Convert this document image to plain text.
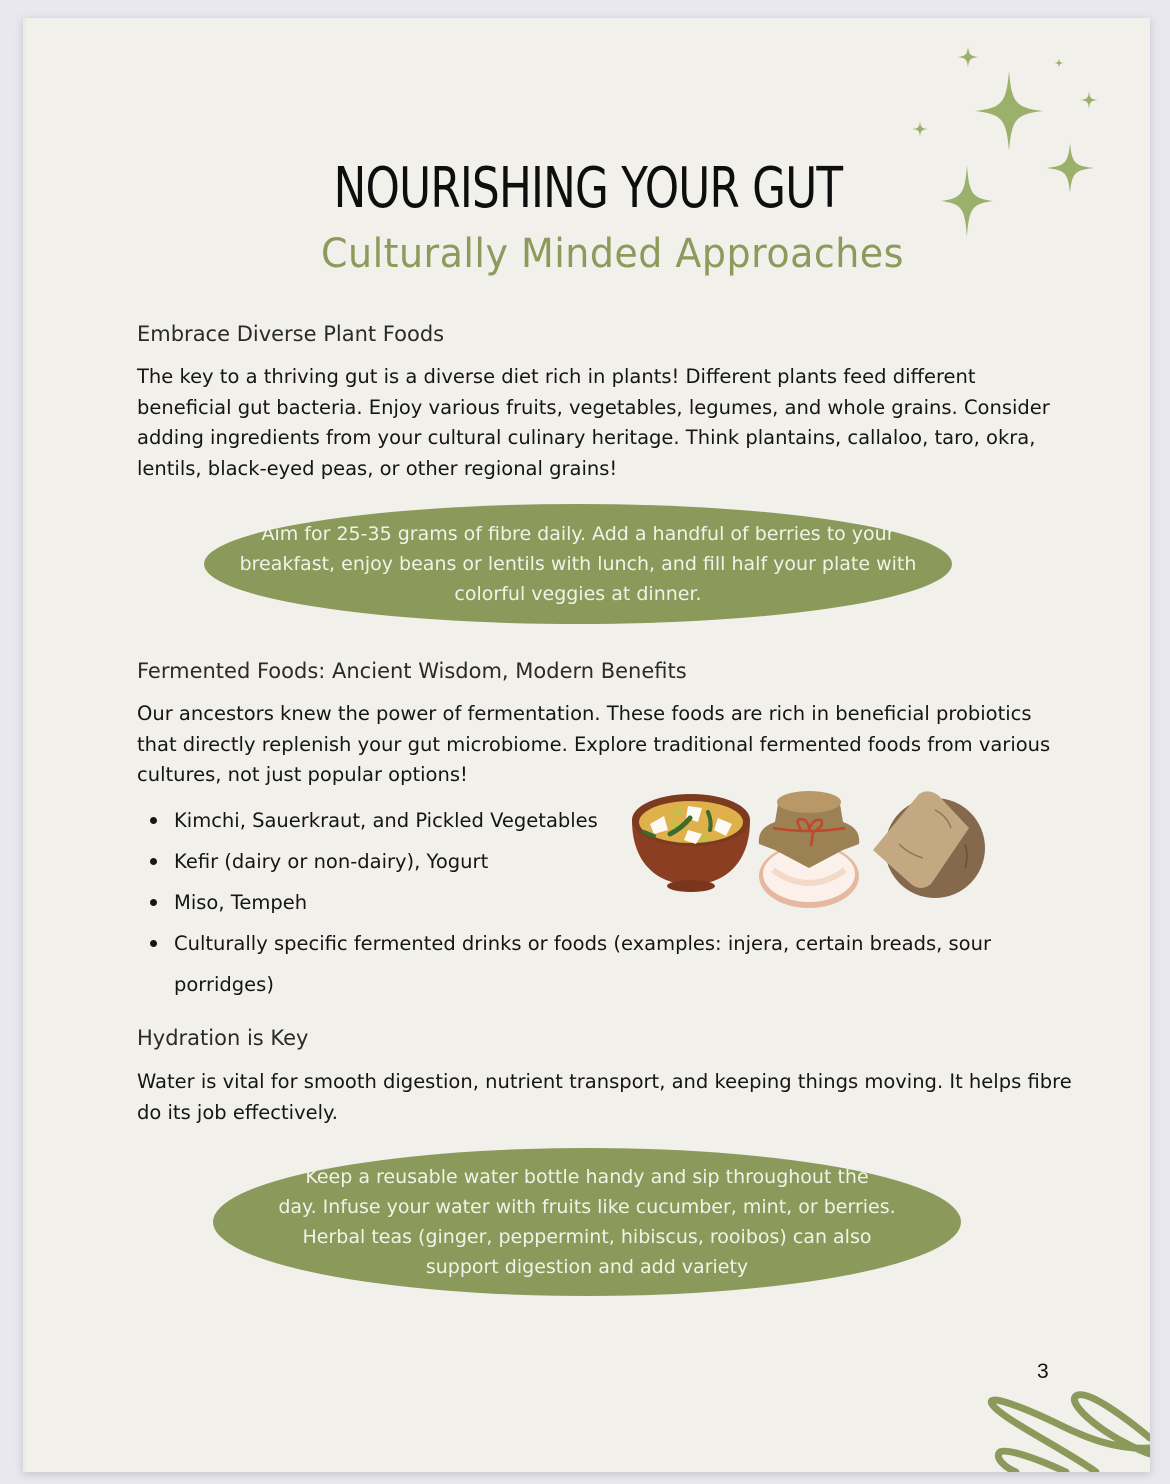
NOURISHING YOUR GUT
Culturally Minded Approaches
Embrace Diverse Plant Foods
The key to a thriving gut is a diverse diet rich in plants! Different plants feed different
beneficial gut bacteria. Enjoy various fruits, vegetables, legumes, and whole grains. Consider
adding ingredients from your cultural culinary heritage. Think plantains, callaloo, taro, okra,
lentils, black-eyed peas, or other regional grains!
Aim for 25-35 grams of fibre daily. Add a handful of berries to your
breakfast, enjoy beans or lentils with lunch, and fill half your plate with
colorful veggies at dinner.
Fermented Foods: Ancient Wisdom, Modern Benefits
Our ancestors knew the power of fermentation. These foods are rich in beneficial probiotics
that directly replenish your gut microbiome. Explore traditional fermented foods from various
cultures, not just popular options!
Kimchi, Sauerkraut, and Pickled Vegetables
Kefir (dairy or non-dairy), Yogurt
Miso, Tempeh
Culturally specific fermented drinks or foods (examples: injera, certain breads, sour
porridges)
Hydration is Key
Water is vital for smooth digestion, nutrient transport, and keeping things moving. It helps fibre
do its job effectively.
Keep a reusable water bottle handy and sip throughout the
day. Infuse your water with fruits like cucumber, mint, or berries.
Herbal teas (ginger, peppermint, hibiscus, rooibos) can also
support digestion and add variety
3
